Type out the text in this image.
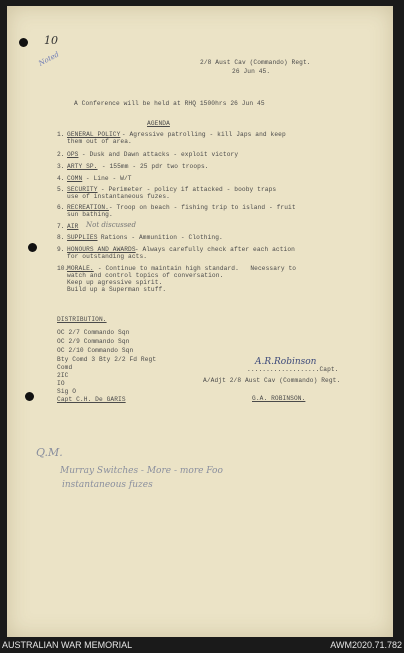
10
Noted	2/8 Aust Cav (Commando) Regt.
26 Jun 45.
A Conference will be held at RHQ 1500hrs 26 Jun 45
AGENDA
1. GENERAL POLICY
- Agressive patrolling - kill Japs and keep
them out of area.
2. OPS - Dusk and Dawn attacks - exploit victory
3. ARTY SP. - 155mm - 25 pdr two troops.
4. COMN - Line - W/T
5. SECURITY - Perimeter - policy if attacked - booby traps
use of instantaneous fuzes.
6. RECREATION.
- Troop on beach - fishing trip to island - fruit
sun bathing.
7. AIR Not discussed
8. SUPPLIES Rations - Ammunition - Clothing.
9. HONOURS AND AWARDS
- Always carefully check after each action
for outstanding acts.
10.
MORALE. - Continue to maintain high standard.   Necessary to
watch and control topics of conversation.
Keep up agressive spirit.
Build up a Superman stuff.
DISTRIBUTION.
OC 2/7 Commando Sqn
OC 2/9 Commando Sqn
OC 2/10 Commando Sqn
Bty Comd 3 Bty 2/2 Fd Regt
Comd
2IC
IO
Sig O
Capt C.H. De GARIS
A.R.Robinson
...................Capt.
A/Adjt 2/8 Aust Cav (Commando) Regt.
G.A. ROBINSON.
Q.M.
Murray Switches - More - more Foo
instantaneous fuzes
AUSTRALIAN WAR MEMORIAL	AWM2020.71.782
